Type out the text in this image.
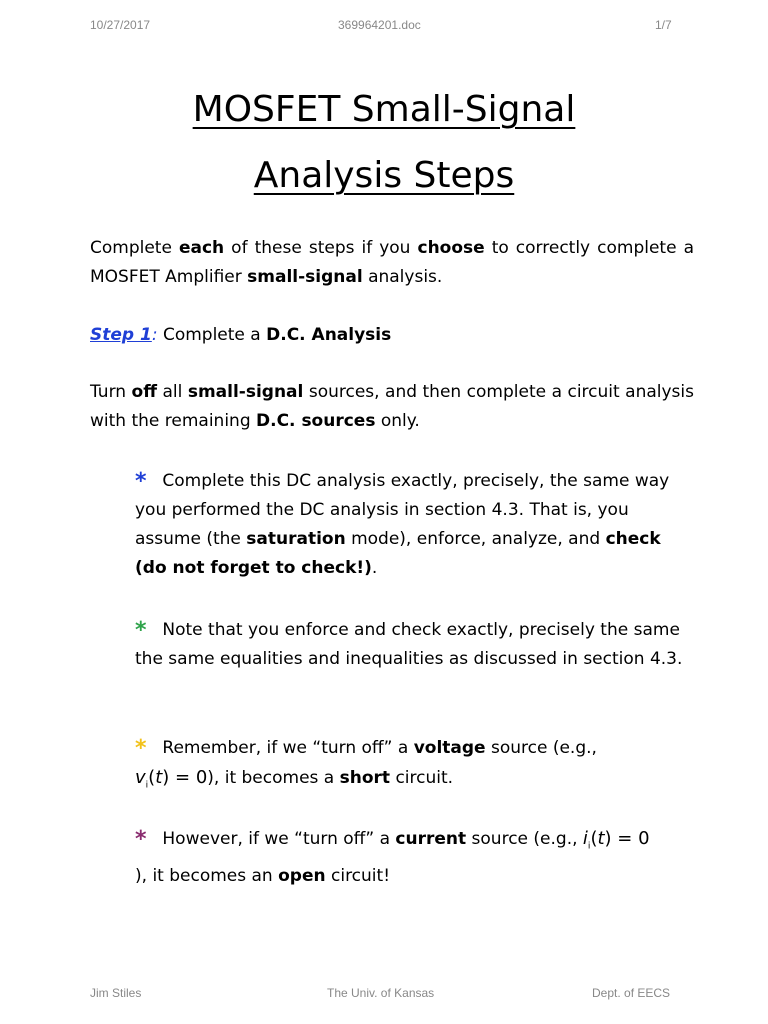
10/27/2017	369964201.doc	1/7
MOSFET Small-Signal
Analysis Steps

Complete each of these steps if you choose to correctly complete a MOSFET Amplifier small-signal analysis.

Step 1: Complete a D.C. Analysis

Turn off all small-signal sources, and then complete a circuit analysis with the remaining D.C. sources only.

* Complete this DC analysis exactly, precisely, the same way you performed the DC analysis in section 4.3. That is, you assume (the saturation mode), enforce, analyze, and check (do not forget to check!).

* Note that you enforce and check exactly, precisely the same the same equalities and inequalities as discussed in section 4.3.

* Remember, if we “turn off” a voltage source (e.g.,
$v_i(t) = 0$), it becomes a short circuit.

* However, if we “turn off” a current source (e.g., $i_i(t) = 0$
), it becomes an open circuit!

Jim Stiles	The Univ. of Kansas	Dept. of EECS
